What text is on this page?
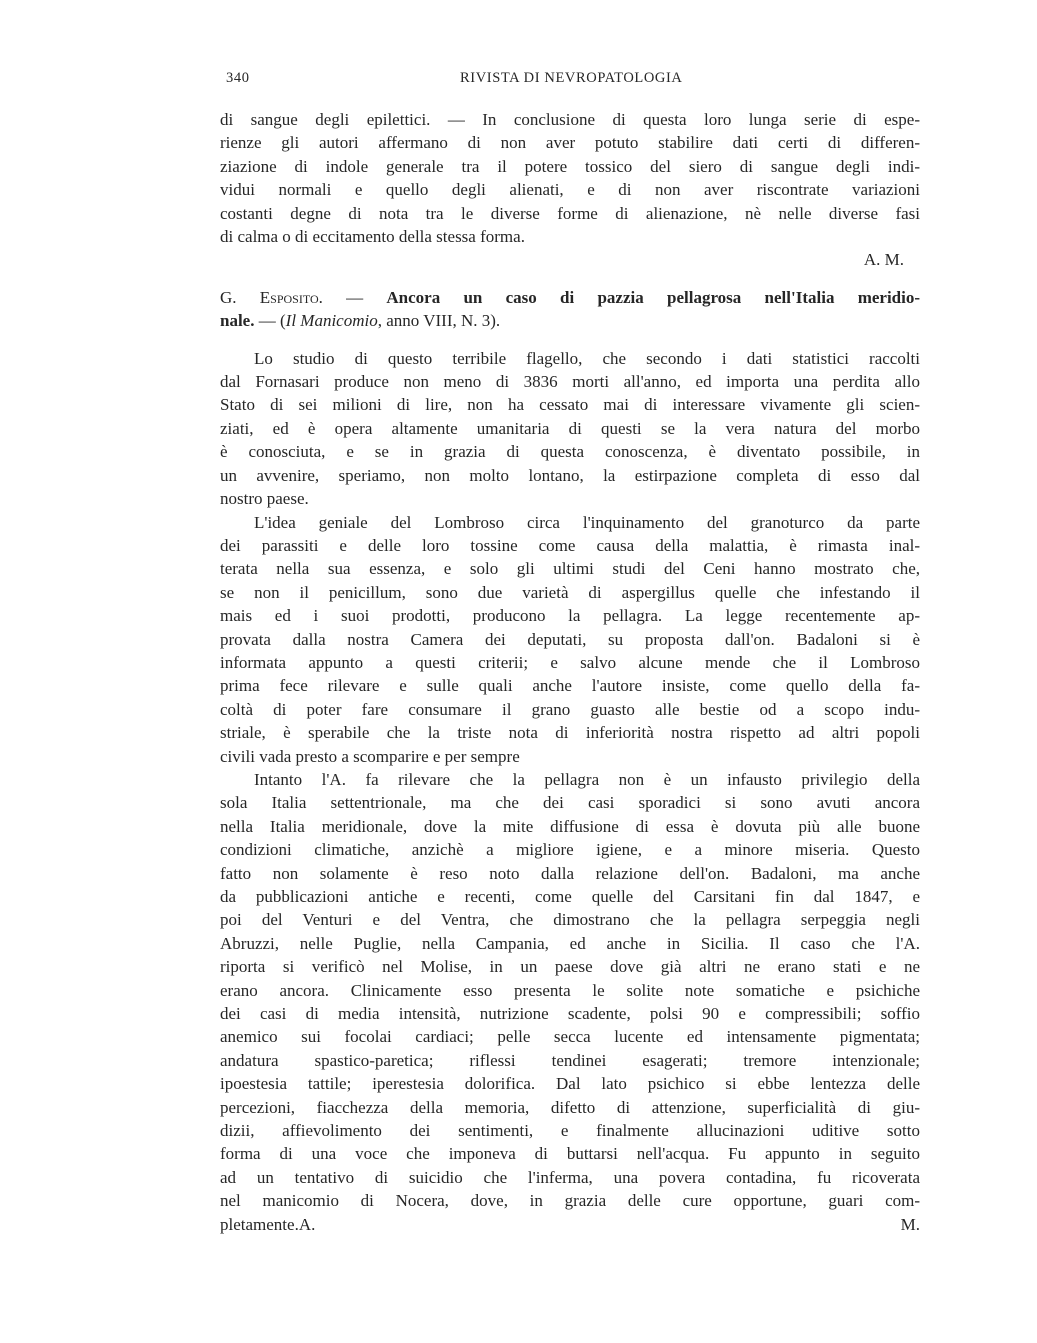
340	RIVISTA DI NEVROPATOLOGIA
di sangue degli epilettici. — In conclusione di questa loro lunga serie di espe-
rienze gli autori affermano di non aver potuto stabilire dati certi di differen-
ziazione di indole generale tra il potere tossico del siero di sangue degli indi-
vidui normali e quello degli alienati, e di non aver riscontrate variazioni
costanti degne di nota tra le diverse forme di alienazione, nè nelle diverse fasi
di calma o di eccitamento della stessa forma.
A. M.
G. Esposito. — Ancora un caso di pazzia pellagrosa nell'Italia meridio-
nale. — (Il Manicomio, anno VIII, N. 3).
Lo studio di questo terribile flagello, che secondo i dati statistici raccolti
dal Fornasari produce non meno di 3836 morti all'anno, ed importa una perdita allo
Stato di sei milioni di lire, non ha cessato mai di interessare vivamente gli scien-
ziati, ed è opera altamente umanitaria di questi se la vera natura del morbo
è conosciuta, e se in grazia di questa conoscenza, è diventato possibile, in
un avvenire, speriamo, non molto lontano, la estirpazione completa di esso dal
nostro paese.
L'idea geniale del Lombroso circa l'inquinamento del granoturco da parte
dei parassiti e delle loro tossine come causa della malattia, è rimasta inal-
terata nella sua essenza, e solo gli ultimi studi del Ceni hanno mostrato che,
se non il penicillum, sono due varietà di aspergillus quelle che infestando il
mais ed i suoi prodotti, producono la pellagra. La legge recentemente ap-
provata dalla nostra Camera dei deputati, su proposta dall'on. Badaloni si è
informata appunto a questi criterii; e salvo alcune mende che il Lombroso
prima fece rilevare e sulle quali anche l'autore insiste, come quello della fa-
coltà di poter fare consumare il grano guasto alle bestie od a scopo indu-
striale, è sperabile che la triste nota di inferiorità nostra rispetto ad altri popoli
civili vada presto a scomparire e per sempre
Intanto l'A. fa rilevare che la pellagra non è un infausto privilegio della
sola Italia settentrionale, ma che dei casi sporadici si sono avuti ancora
nella Italia meridionale, dove la mite diffusione di essa è dovuta più alle buone
condizioni climatiche, anzichè a migliore igiene, e a minore miseria. Questo
fatto non solamente è reso noto dalla relazione dell'on. Badaloni, ma anche
da pubblicazioni antiche e recenti, come quelle del Carsitani fin dal 1847, e
poi del Venturi e del Ventra, che dimostrano che la pellagra serpeggia negli
Abruzzi, nelle Puglie, nella Campania, ed anche in Sicilia. Il caso che l'A.
riporta si verificò nel Molise, in un paese dove già altri ne erano stati e ne
erano ancora. Clinicamente esso presenta le solite note somatiche e psichiche
dei casi di media intensità, nutrizione scadente, polsi 90 e compressibili; soffio
anemico sui focolai cardiaci; pelle secca lucente ed intensamente pigmentata;
andatura spastico-paretica; riflessi tendinei esagerati; tremore intenzionale;
ipoestesia tattile; iperestesia dolorifica. Dal lato psichico si ebbe lentezza delle
percezioni, fiacchezza della memoria, difetto di attenzione, superficialità di giu-
dizii, affievolimento dei sentimenti, e finalmente allucinazioni uditive sotto
forma di una voce che imponeva di buttarsi nell'acqua. Fu appunto in seguito
ad un tentativo di suicidio che l'inferma, una povera contadina, fu ricoverata
nel manicomio di Nocera, dove, in grazia delle cure opportune, guari com-
pletamente.A. M.
